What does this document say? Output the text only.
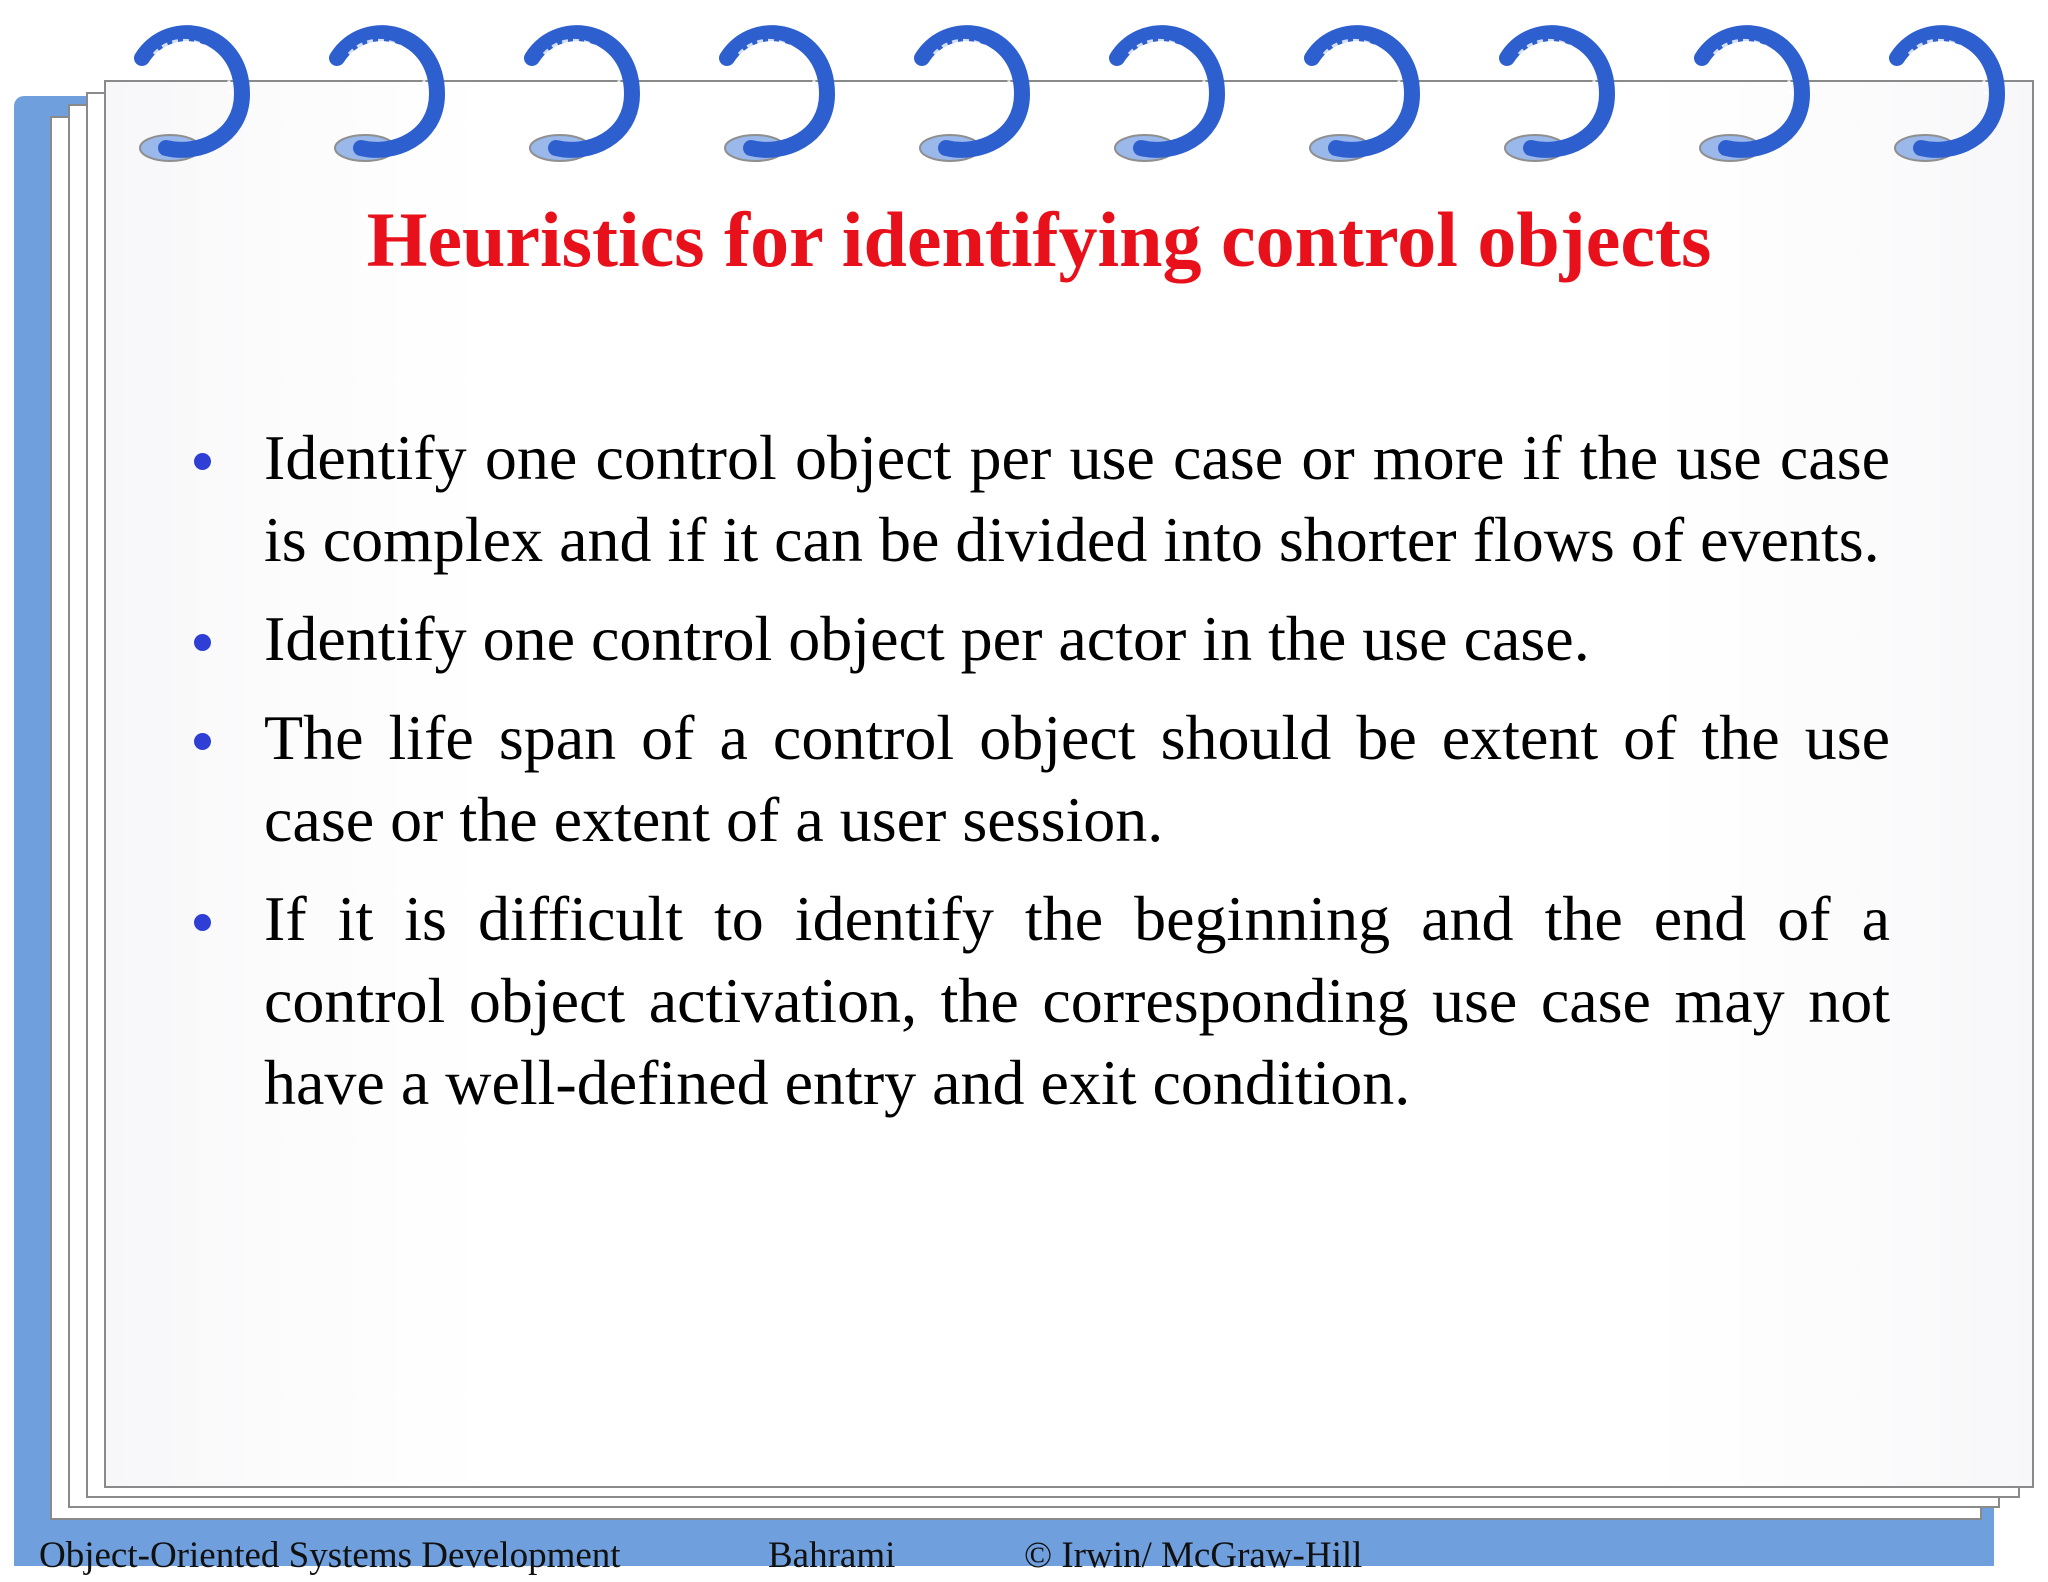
Heuristics for identifying control objects
Identify one control object per use case or more if the use case is complex and if it can be divided into shorter flows of events.
Identify one control object per actor in the use case.
The life span of a control object should be extent of the use case or the extent of a user session.
If it is difficult to identify the beginning and the end of a control object activation, the corresponding use case may not have a well-defined entry and exit condition.
Object-Oriented Systems Development	Bahrami	© Irwin/ McGraw-Hill
